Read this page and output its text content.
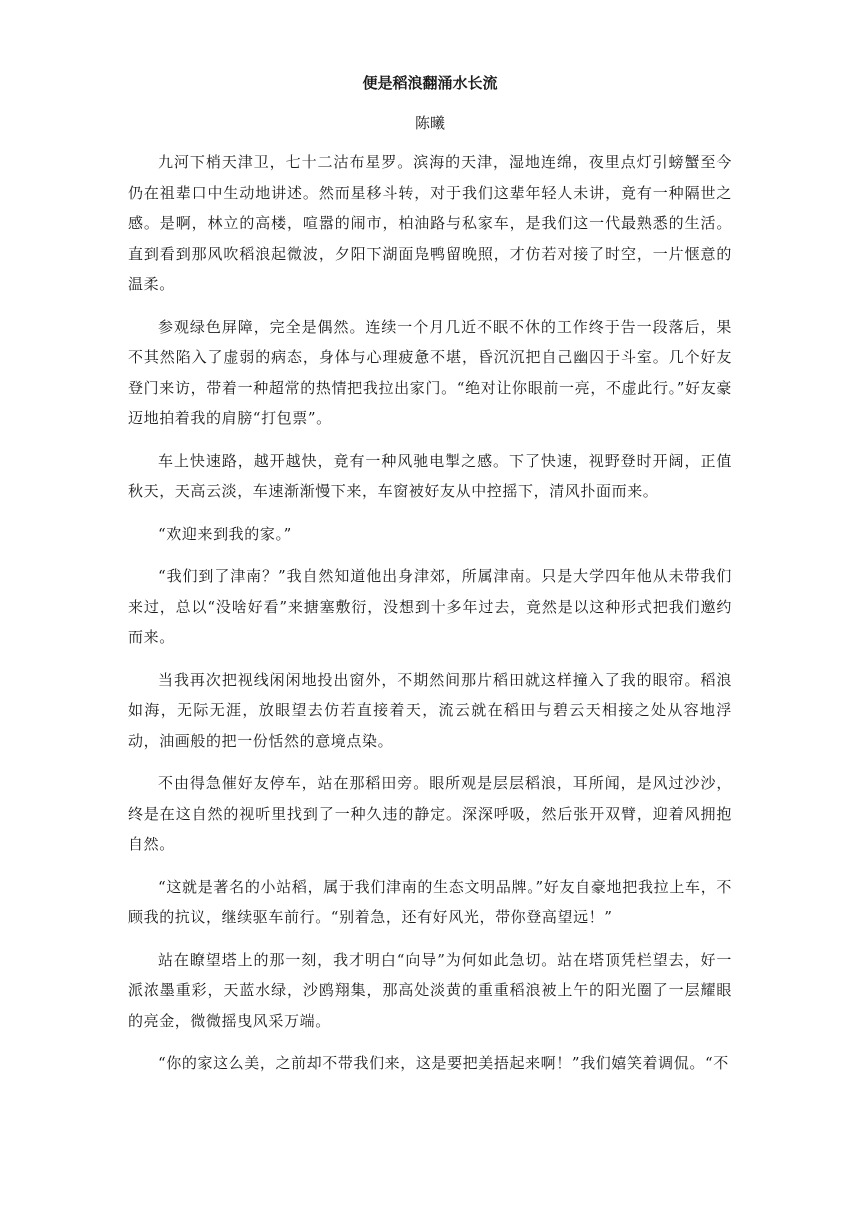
便是稻浪翻涌水长流

陈曦

九河下梢天津卫，七十二沽布星罗。滨海的天津，湿地连绵，夜里点灯引螃蟹至今仍在祖辈口中生动地讲述。然而星移斗转，对于我们这辈年轻人未讲，竟有一种隔世之感。是啊，林立的高楼，喧嚣的闹市，柏油路与私家车，是我们这一代最熟悉的生活。直到看到那风吹稻浪起微波，夕阳下湖面凫鸭留晚照，才仿若对接了时空，一片惬意的温柔。

参观绿色屏障，完全是偶然。连续一个月几近不眠不休的工作终于告一段落后，果不其然陷入了虚弱的病态，身体与心理疲惫不堪，昏沉沉把自己幽囚于斗室。几个好友登门来访，带着一种超常的热情把我拉出家门。“绝对让你眼前一亮，不虚此行。”好友豪迈地拍着我的肩膀“打包票”。

车上快速路，越开越快，竟有一种风驰电掣之感。下了快速，视野登时开阔，正值秋天，天高云淡，车速渐渐慢下来，车窗被好友从中控摇下，清风扑面而来。

“欢迎来到我的家。”

“我们到了津南？”我自然知道他出身津郊，所属津南。只是大学四年他从未带我们来过，总以“没啥好看”来搪塞敷衍，没想到十多年过去，竟然是以这种形式把我们邀约而来。

当我再次把视线闲闲地投出窗外，不期然间那片稻田就这样撞入了我的眼帘。稻浪如海，无际无涯，放眼望去仿若直接着天，流云就在稻田与碧云天相接之处从容地浮动，油画般的把一份恬然的意境点染。

不由得急催好友停车，站在那稻田旁。眼所观是层层稻浪，耳所闻，是风过沙沙，终是在这自然的视听里找到了一种久违的静定。深深呼吸，然后张开双臂，迎着风拥抱自然。

“这就是著名的小站稻，属于我们津南的生态文明品牌。”好友自豪地把我拉上车，不顾我的抗议，继续驱车前行。“别着急，还有好风光，带你登高望远！”

站在瞭望塔上的那一刻，我才明白“向导”为何如此急切。站在塔顶凭栏望去，好一派浓墨重彩，天蓝水绿，沙鸥翔集，那高处淡黄的重重稻浪被上午的阳光圈了一层耀眼的亮金，微微摇曳风采万端。

“你的家这么美，之前却不带我们来，这是要把美捂起来啊！”我们嬉笑着调侃。“不
